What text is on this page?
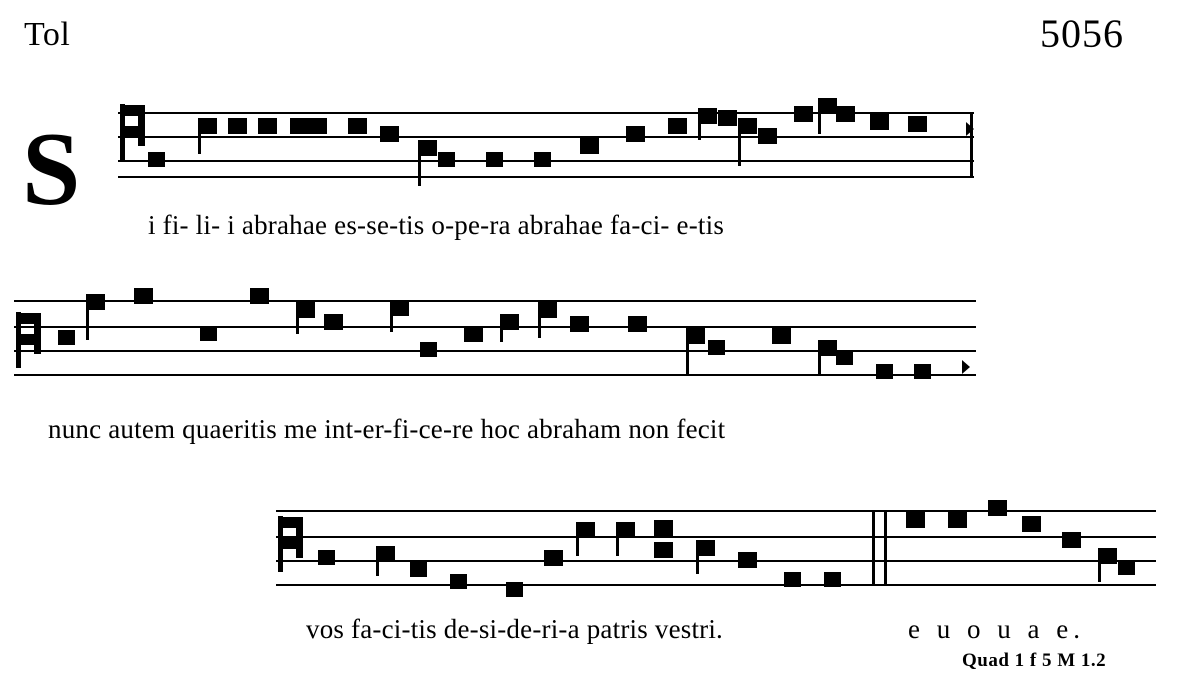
Tol	5056
S	i fi- li- i abrahae es-se-tis o-pe-ra abrahae fa-ci- e-tis
nunc autem quaeritis me int-er-fi-ce-re hoc abraham non fecit
vos fa-ci-tis de-si-de-ri-a patris vestri.	e u o u a e.
Quad 1 f 5 M 1.2
